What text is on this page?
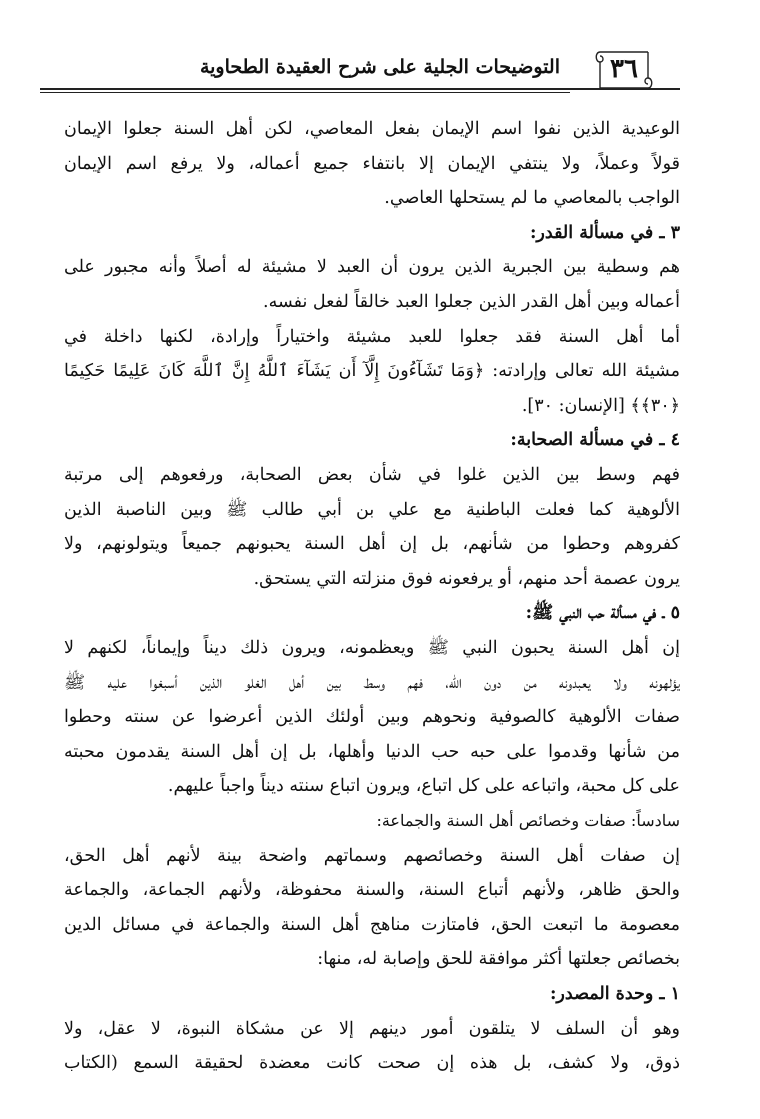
التوضيحات الجلية على شرح العقيدة الطحاوية	٣٦
الوعيدية الذين نفوا اسم الإيمان بفعل المعاصي، لكن أهل السنة جعلوا الإيمان
قولاً وعملاً، ولا ينتفي الإيمان إلا بانتفاء جميع أعماله، ولا يرفع اسم الإيمان
الواجب بالمعاصي ما لم يستحلها العاصي.
٣ ـ في مسألة القدر:
هم وسطية بين الجبرية الذين يرون أن العبد لا مشيئة له أصلاً وأنه مجبور على
أعماله وبين أهل القدر الذين جعلوا العبد خالقاً لفعل نفسه.
أما أهل السنة فقد جعلوا للعبد مشيئة واختياراً وإرادة، لكنها داخلة في
مشيئة الله تعالى وإرادته: ﴿وَمَا تَشَآءُونَ إِلَّآ أَن يَشَآءَ ٱللَّهُ إِنَّ ٱللَّهَ كَانَ عَلِيمًا حَكِيمًا
﴿٣٠﴾﴾ [الإنسان: ٣٠].
٤ ـ في مسألة الصحابة:
فهم وسط بين الذين غلوا في شأن بعض الصحابة، ورفعوهم إلى مرتبة
الألوهية كما فعلت الباطنية مع علي بن أبي طالب ﷺ وبين الناصبة الذين
كفروهم وحطوا من شأنهم، بل إن أهل السنة يحبونهم جميعاً ويتولونهم، ولا
يرون عصمة أحد منهم، أو يرفعونه فوق منزلته التي يستحق.
٥ ـ في مسألة حب النبي ﷺ:
إن أهل السنة يحبون النبي ﷺ ويعظمونه، ويرون ذلك ديناً وإيماناً، لكنهم لا
يؤلهونه ولا يعبدونه من دون الله، فهم وسط بين أهل الغلو الذين أسبغوا عليه ﷺ
صفات الألوهية كالصوفية ونحوهم وبين أولئك الذين أعرضوا عن سنته وحطوا
من شأنها وقدموا على حبه حب الدنيا وأهلها، بل إن أهل السنة يقدمون محبته
على كل محبة، واتباعه على كل اتباع، ويرون اتباع سنته ديناً واجباً عليهم.
سادساً: صفات وخصائص أهل السنة والجماعة:
إن صفات أهل السنة وخصائصهم وسماتهم واضحة بينة لأنهم أهل الحق،
والحق ظاهر، ولأنهم أتباع السنة، والسنة محفوظة، ولأنهم الجماعة، والجماعة
معصومة ما اتبعت الحق، فامتازت مناهج أهل السنة والجماعة في مسائل الدين
بخصائص جعلتها أكثر موافقة للحق وإصابة له، منها:
١ ـ وحدة المصدر:
وهو أن السلف لا يتلقون أمور دينهم إلا عن مشكاة النبوة، لا عقل، ولا
ذوق، ولا كشف، بل هذه إن صحت كانت معضدة لحقيقة السمع (الكتاب
